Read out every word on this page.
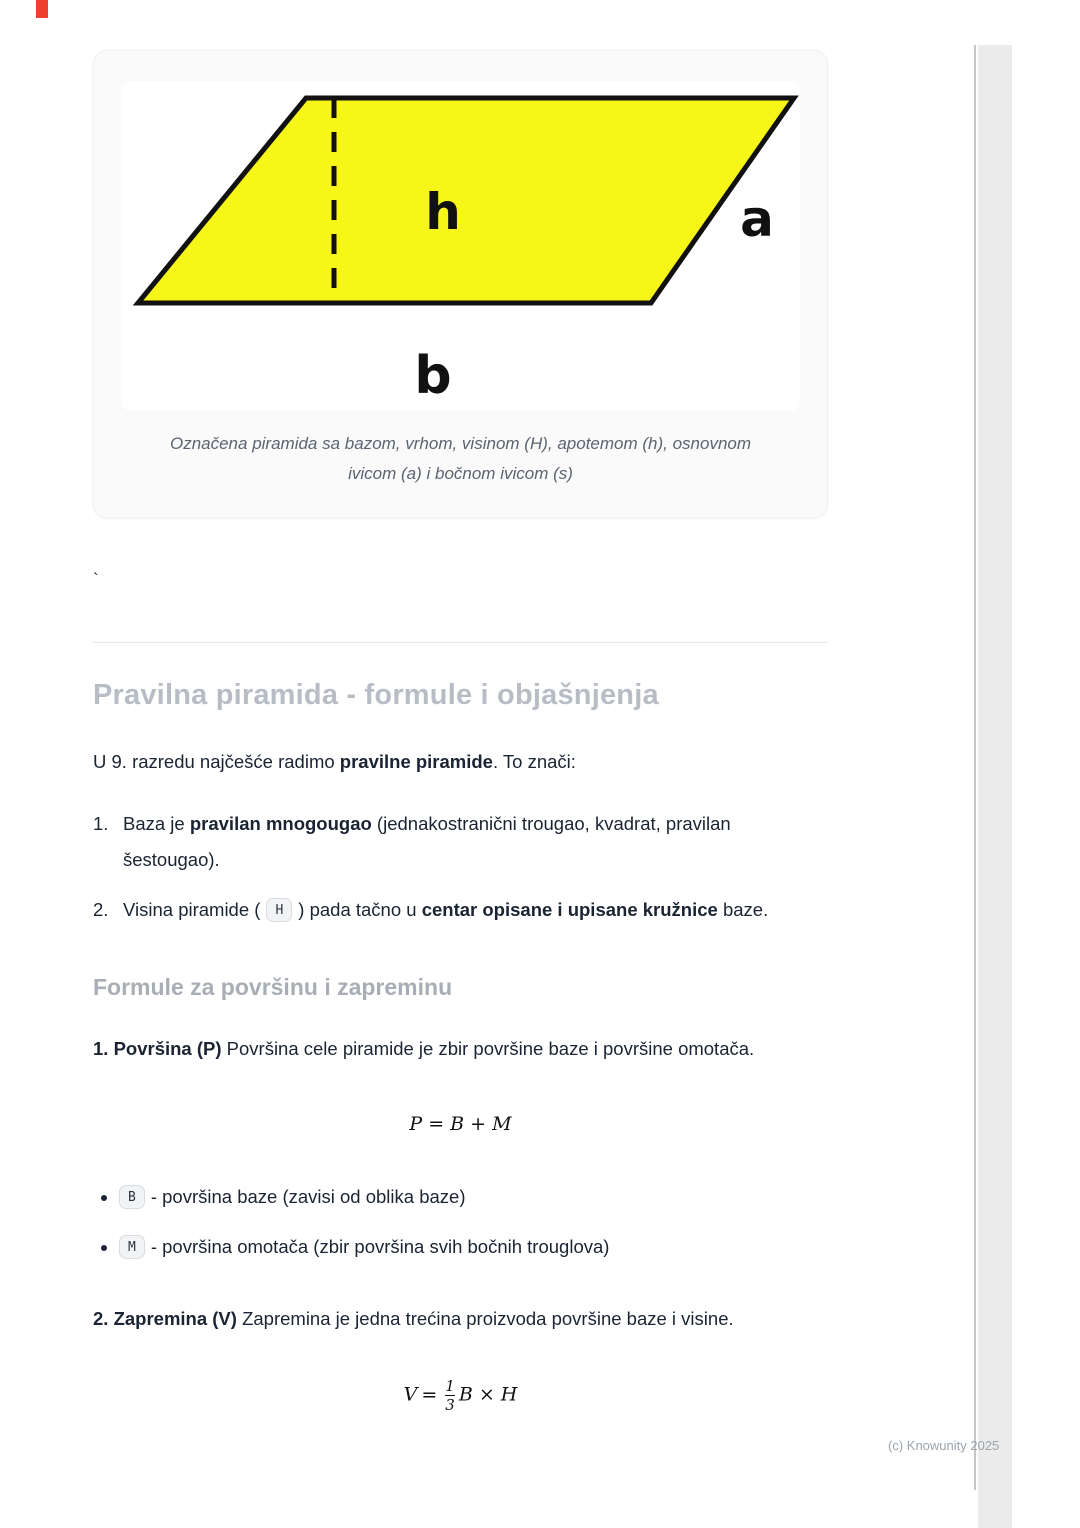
h	a
b
Označena piramida sa bazom, vrhom, visinom (H), apotemom (h), osnovnom
ivicom (a) i bočnom ivicom (s)
`
Pravilna piramida - formule i objašnjenja

U 9. razredu najčešće radimo pravilne piramide. To znači:

1. Baza je pravilan mnogougao (jednakostranični trougao, kvadrat, pravilan šestougao).
2. Visina piramide ( H ) pada tačno u centar opisane i upisane kružnice baze.
Formule za površinu i zapreminu

1. Površina (P) Površina cele piramide je zbir površine baze i površine omotača.

P = B + M
• B - površina baze (zavisi od oblika baze)
• M - površina omotača (zbir površina svih bočnih trouglova)

2. Zapremina (V) Zapremina je jedna trećina proizvoda površine baze i visine.

$V = \frac{1}{3}$ B × H
(c) Knowunity 2025
